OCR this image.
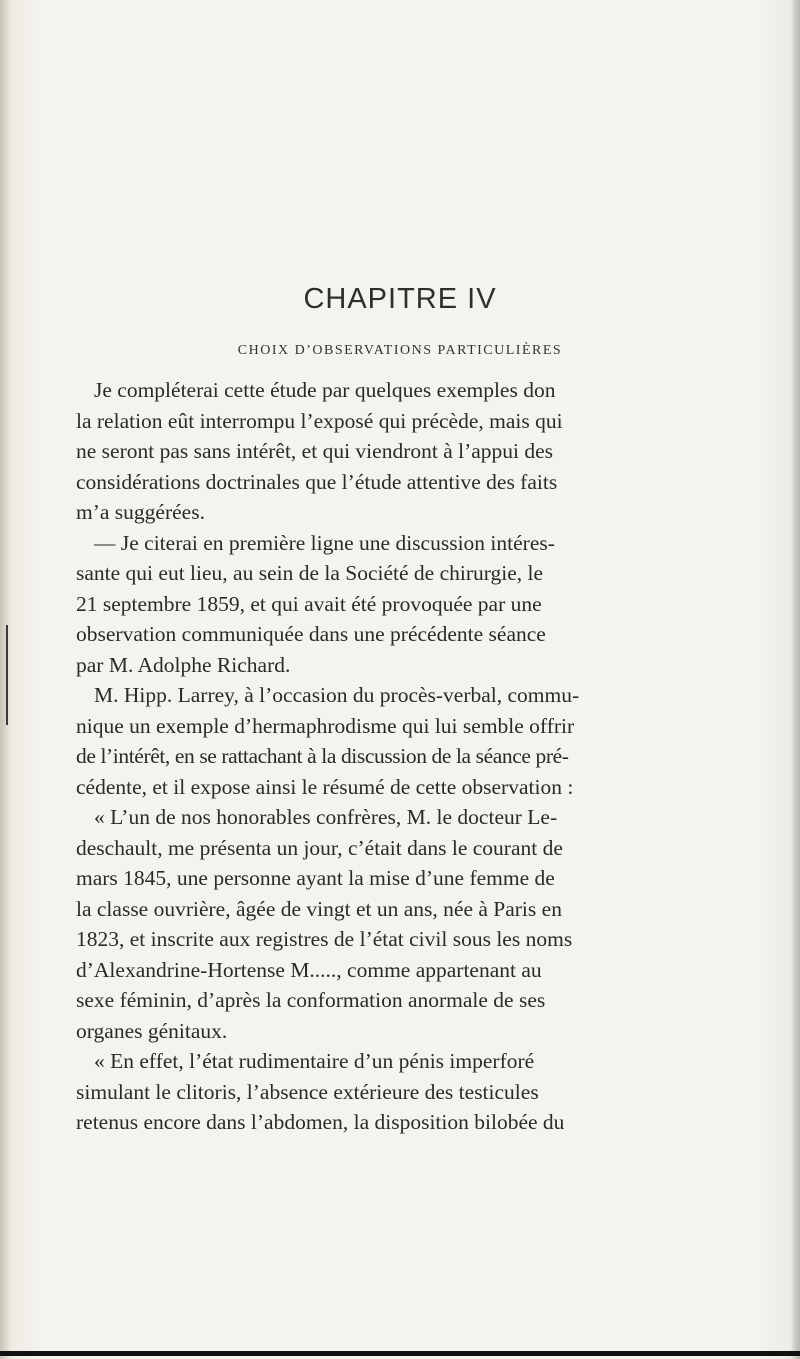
CHAPITRE IV
CHOIX D’OBSERVATIONS PARTICULIÈRES
Je compléterai cette étude par quelques exemples don
la relation eût interrompu l’exposé qui précède, mais qui
ne seront pas sans intérêt, et qui viendront à l’appui des
considérations doctrinales que l’étude attentive des faits
m’a suggérées.
— Je citerai en première ligne une discussion intéres-
sante qui eut lieu, au sein de la Société de chirurgie, le
21 septembre 1859, et qui avait été provoquée par une
observation communiquée dans une précédente séance
par M. Adolphe Richard.
M. Hipp. Larrey, à l’occasion du procès-verbal, commu-
nique un exemple d’hermaphrodisme qui lui semble offrir
de l’intérêt, en se rattachant à la discussion de la séance pré-
cédente, et il expose ainsi le résumé de cette observation :
« L’un de nos honorables confrères, M. le docteur Le-
deschault, me présenta un jour, c’était dans le courant de
mars 1845, une personne ayant la mise d’une femme de
la classe ouvrière, âgée de vingt et un ans, née à Paris en
1823, et inscrite aux registres de l’état civil sous les noms
d’Alexandrine-Hortense M....., comme appartenant au
sexe féminin, d’après la conformation anormale de ses
organes génitaux.
« En effet, l’état rudimentaire d’un pénis imperforé
simulant le clitoris, l’absence extérieure des testicules
retenus encore dans l’abdomen, la disposition bilobée du
